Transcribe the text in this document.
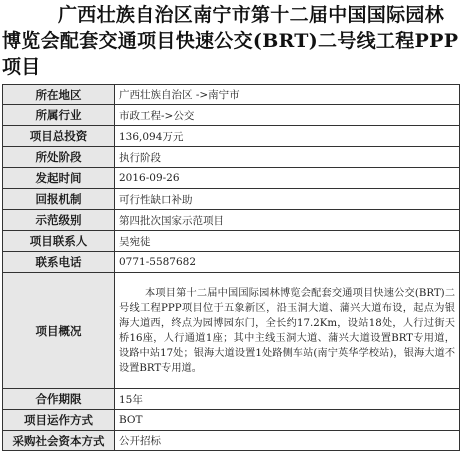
广西壮族自治区南宁市第十二届中国国际园林博览会配套交通项目快速公交(BRT)二号线工程PPP项目
所在地区	广西壮族自治区 ->南宁市
所属行业	市政工程->公交
项目总投资	136,094万元
所处阶段	执行阶段
发起时间	2016-09-26
回报机制	可行性缺口补助
示范级别	第四批次国家示范项目
项目联系人	吴宛徒
联系电话	0771-5587682
项目概况	本项目第十二届中国国际园林博览会配套交通项目快速公交(BRT)二号线工程PPP项目位于五象新区，沿玉洞大道、蒲兴大道布设，起点为银海大道西，终点为园博园东门，全长约17.2Km，设站18处，人行过街天桥16座，人行通道1座；其中主线玉洞大道、蒲兴大道设置BRT专用道，设路中站17处；银海大道设置1处路侧车站(南宁英华学校站)，银海大道不设置BRT专用道。
合作期限	15年
项目运作方式	BOT
采购社会资本方式	公开招标
